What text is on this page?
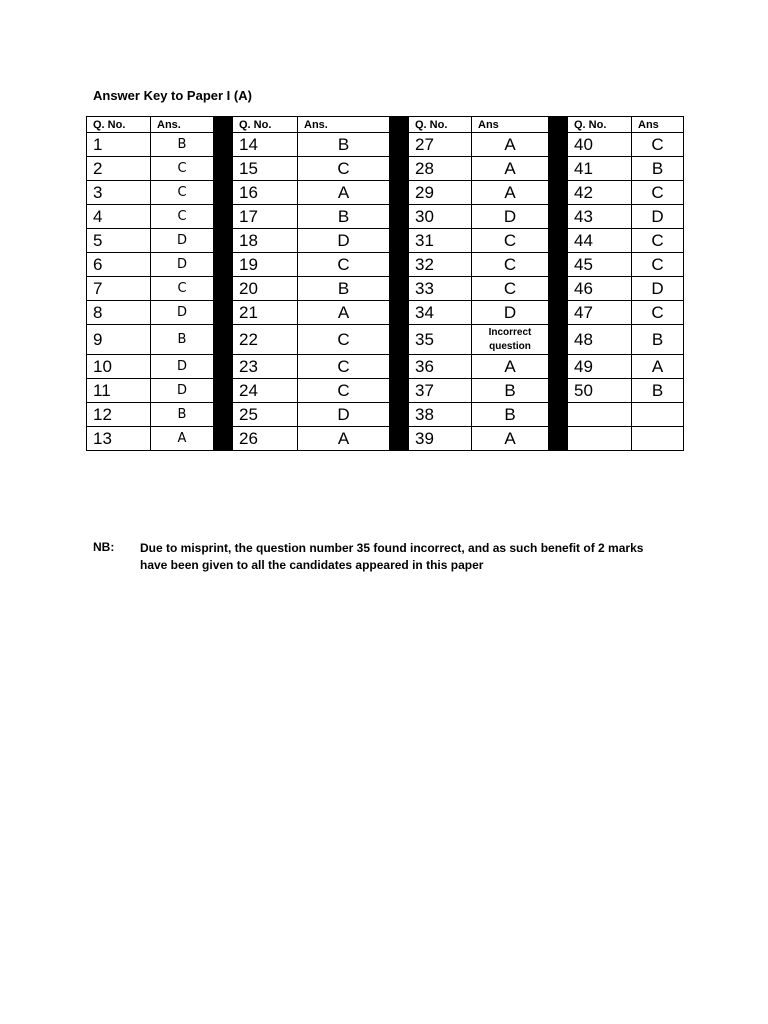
Answer Key to Paper I (A)
Q. No.	Ans.		Q. No.	Ans.		Q. No.	Ans		Q. No.	Ans
1	B		14	B		27	A		40	C
2	C		15	C		28	A		41	B
3	C		16	A		29	A		42	C
4	C		17	B		30	D		43	D
5	D		18	D		31	C		44	C
6	D		19	C		32	C		45	C
7	C		20	B		33	C		46	D
8	D		21	A		34	D		47	C
9	B		22	C		35	Incorrect question		48	B
10	D		23	C		36	A		49	A
11	D		24	C		37	B		50	B
12	B		25	D		38	B			
13	A		26	A		39	A			
NB: Due to misprint, the question number 35 found incorrect, and as such benefit of 2 marks have been given to all the candidates appeared in this paper
